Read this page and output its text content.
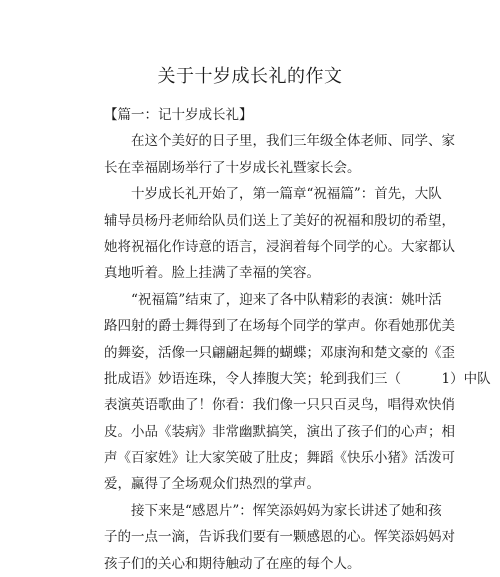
关于十岁成长礼的作文
【篇一：记十岁成长礼】
在这个美好的日子里，我们三年级全体老师、同学、家
长在幸福剧场举行了十岁成长礼暨家长会。
十岁成长礼开始了，第一篇章“祝福篇”：首先，大队
辅导员杨丹老师给队员们送上了美好的祝福和殷切的希望，
她将祝福化作诗意的语言，浸润着每个同学的心。大家都认
真地听着。脸上挂满了幸福的笑容。
“祝福篇”结束了，迎来了各中队精彩的表演：姚叶活
路四射的爵士舞得到了在场每个同学的掌声。你看她那优美
的舞姿，活像一只翩翩起舞的蝴蝶；邓康洵和楚文豪的《歪
批成语》妙语连珠，令人捧腹大笑；轮到我们三（　　　1）中队
表演英语歌曲了！你看：我们像一只只百灵鸟，唱得欢快俏
皮。小品《装病》非常幽默搞笑，演出了孩子们的心声；相
声《百家姓》让大家笑破了肚皮；舞蹈《快乐小猪》活泼可
爱，赢得了全场观众们热烈的掌声。
接下来是“感恩片”：恽笑添妈妈为家长讲述了她和孩
子的一点一滴，告诉我们要有一颗感恩的心。恽笑添妈妈对
孩子们的关心和期待触动了在座的每个人。
